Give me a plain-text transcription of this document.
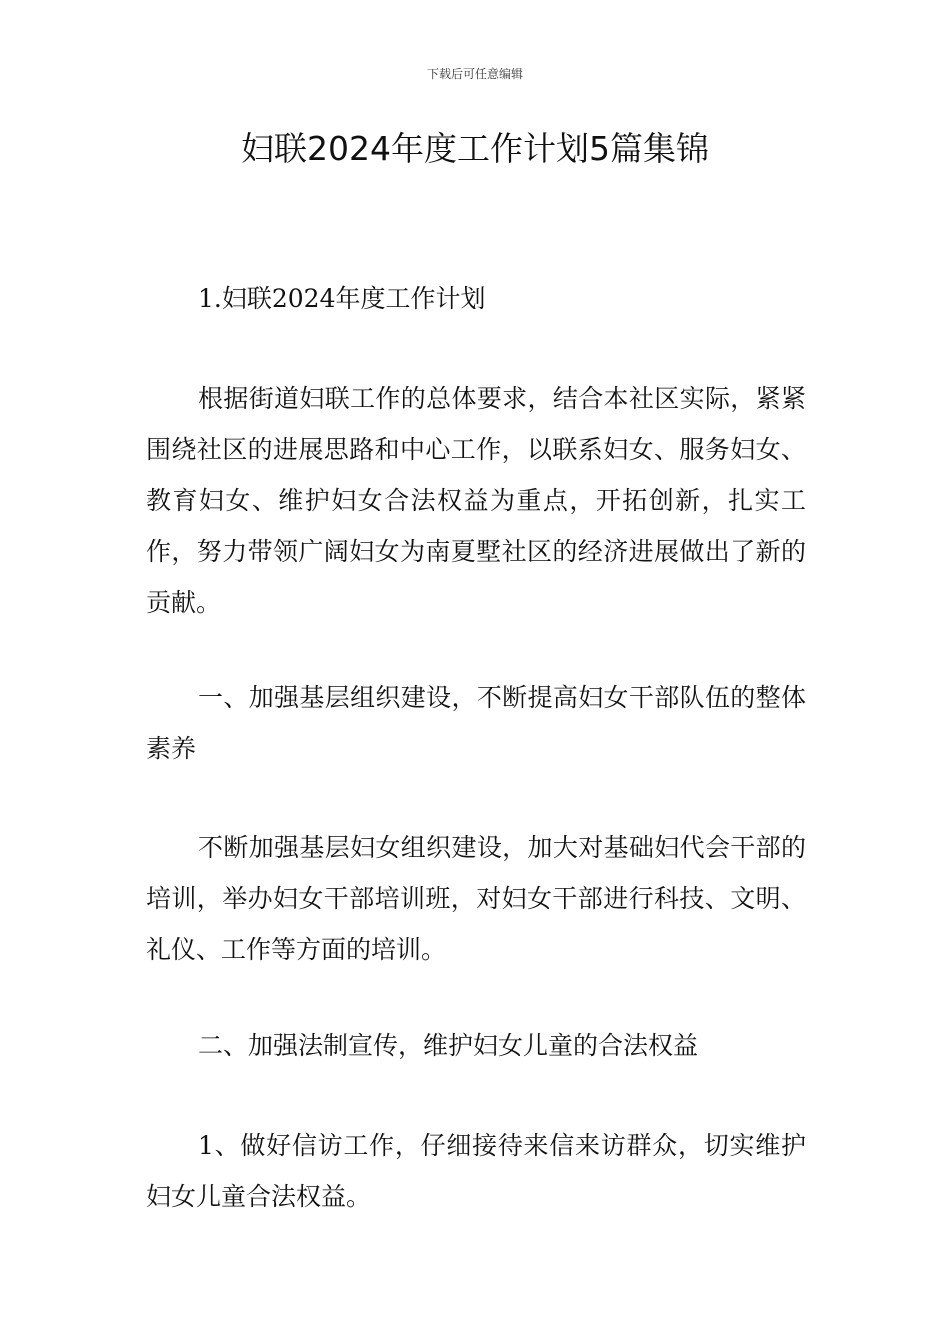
下载后可任意编辑
妇联2024年度工作计划5篇集锦

1.妇联2024年度工作计划

根据街道妇联工作的总体要求，结合本社区实际，紧紧围绕社区的进展思路和中心工作，以联系妇女、服务妇女、教育妇女、维护妇女合法权益为重点，开拓创新，扎实工作，努力带领广阔妇女为南夏墅社区的经济进展做出了新的贡献。

一、加强基层组织建设，不断提高妇女干部队伍的整体素养

不断加强基层妇女组织建设，加大对基础妇代会干部的培训，举办妇女干部培训班，对妇女干部进行科技、文明、礼仪、工作等方面的培训。

二、加强法制宣传，维护妇女儿童的合法权益

1、做好信访工作，仔细接待来信来访群众，切实维护妇女儿童合法权益。
